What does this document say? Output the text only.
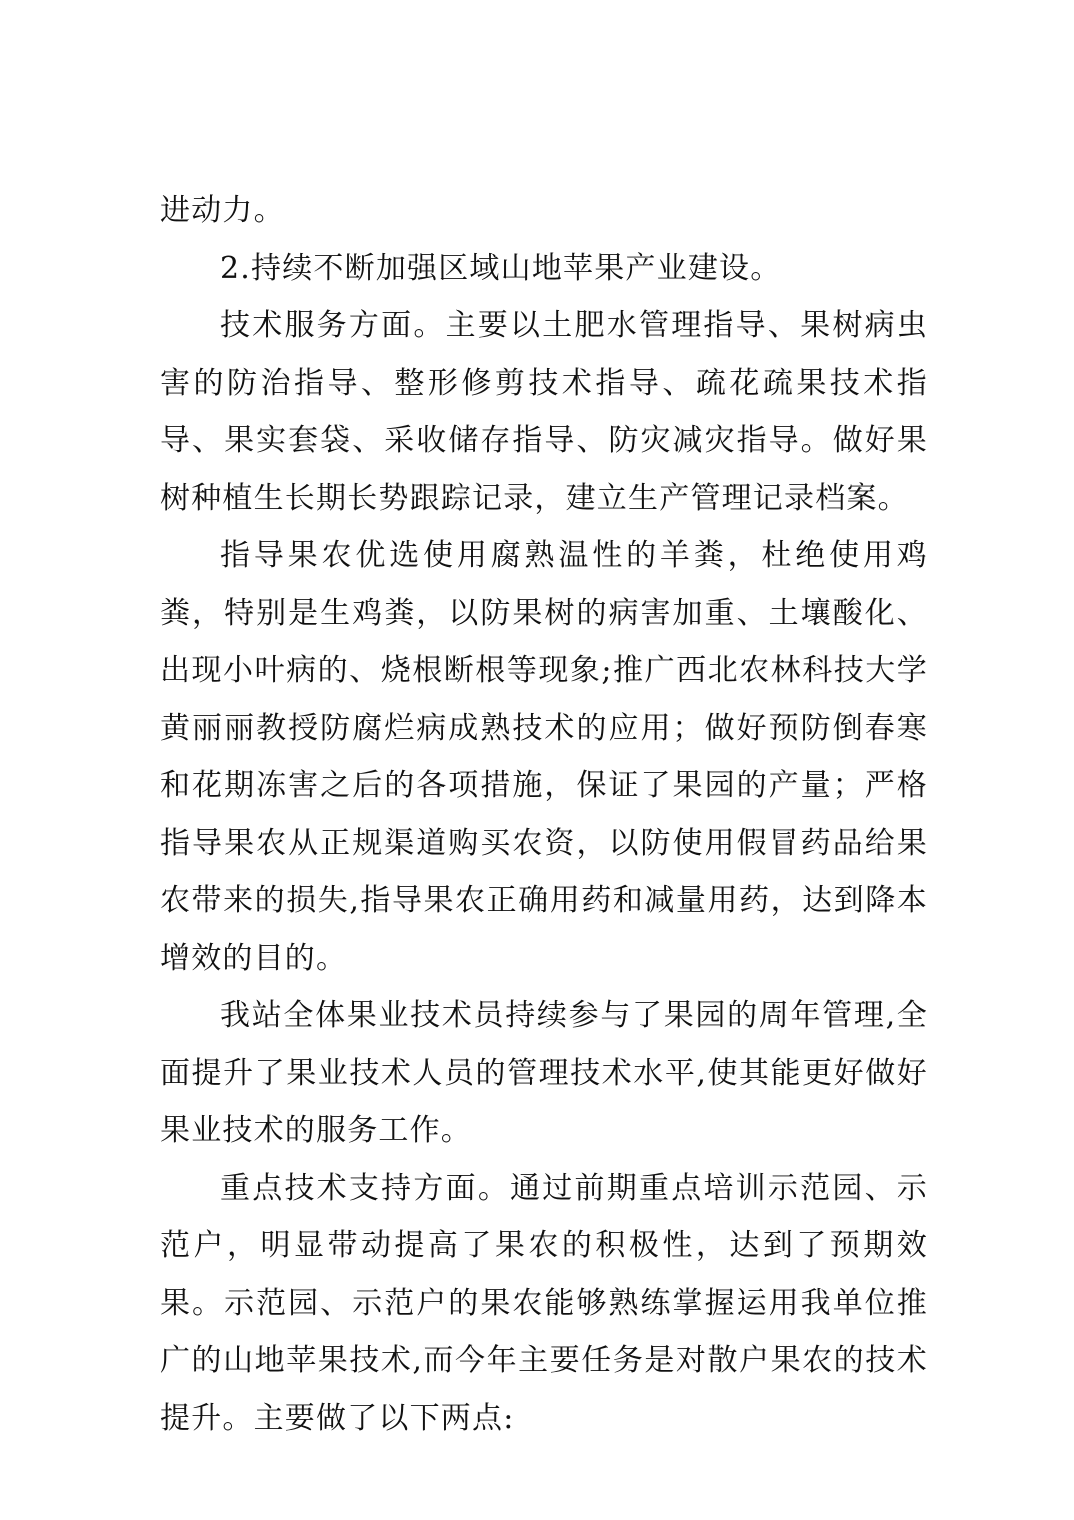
进动力。

2.持续不断加强区域山地苹果产业建设。

技术服务方面。主要以土肥水管理指导、果树病虫害的防治指导、整形修剪技术指导、疏花疏果技术指导、果实套袋、采收储存指导、防灾减灾指导。做好果树种植生长期长势跟踪记录，建立生产管理记录档案。

指导果农优选使用腐熟温性的羊粪，杜绝使用鸡粪，特别是生鸡粪，以防果树的病害加重、土壤酸化、出现小叶病的、烧根断根等现象;推广西北农林科技大学黄丽丽教授防腐烂病成熟技术的应用；做好预防倒春寒和花期冻害之后的各项措施，保证了果园的产量；严格指导果农从正规渠道购买农资，以防使用假冒药品给果农带来的损失,指导果农正确用药和减量用药，达到降本增效的目的。

我站全体果业技术员持续参与了果园的周年管理,全面提升了果业技术人员的管理技术水平,使其能更好做好果业技术的服务工作。

重点技术支持方面。通过前期重点培训示范园、示范户，明显带动提高了果农的积极性，达到了预期效果。示范园、示范户的果农能够熟练掌握运用我单位推广的山地苹果技术,而今年主要任务是对散户果农的技术提升。主要做了以下两点:
